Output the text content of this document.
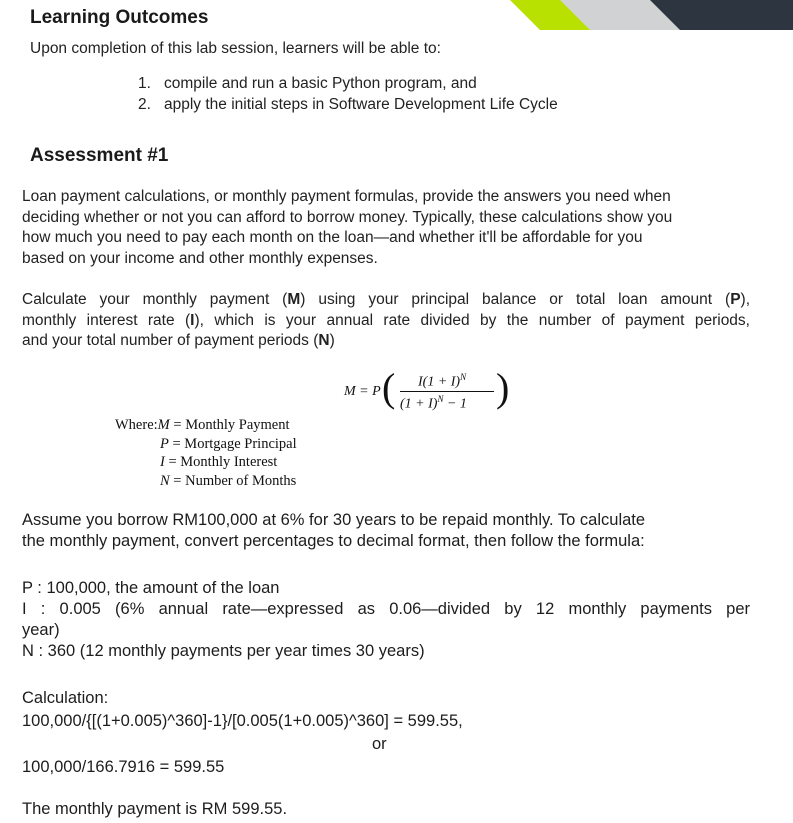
Learning Outcomes
Upon completion of this lab session, learners will be able to:
1. compile and run a basic Python program, and
2. apply the initial steps in Software Development Life Cycle
Assessment #1
Loan payment calculations, or monthly payment formulas, provide the answers you need when
deciding whether or not you can afford to borrow money. Typically, these calculations show you
how much you need to pay each month on the loan—and whether it'll be affordable for you
based on your income and other monthly expenses.
Calculate your monthly payment (M) using your principal balance or total loan amount (P),
monthly interest rate (I), which is your annual rate divided by the number of payment periods,
and your total number of payment periods (N)
M = P ( $I(1 + I)^N$
$(1 + I)^N - 1$ )
Where:M = Monthly Payment
P = Mortgage Principal
I = Monthly Interest
N = Number of Months
Assume you borrow RM100,000 at 6% for 30 years to be repaid monthly. To calculate
the monthly payment, convert percentages to decimal format, then follow the formula:
P : 100,000, the amount of the loan
I : 0.005 (6% annual rate—expressed as 0.06—divided by 12 monthly payments per
year)
N : 360 (12 monthly payments per year times 30 years)
Calculation:
100,000/{[(1+0.005)^360]-1}/[0.005(1+0.005)^360] = 599.55,
or
100,000/166.7916 = 599.55
The monthly payment is RM 599.55.
